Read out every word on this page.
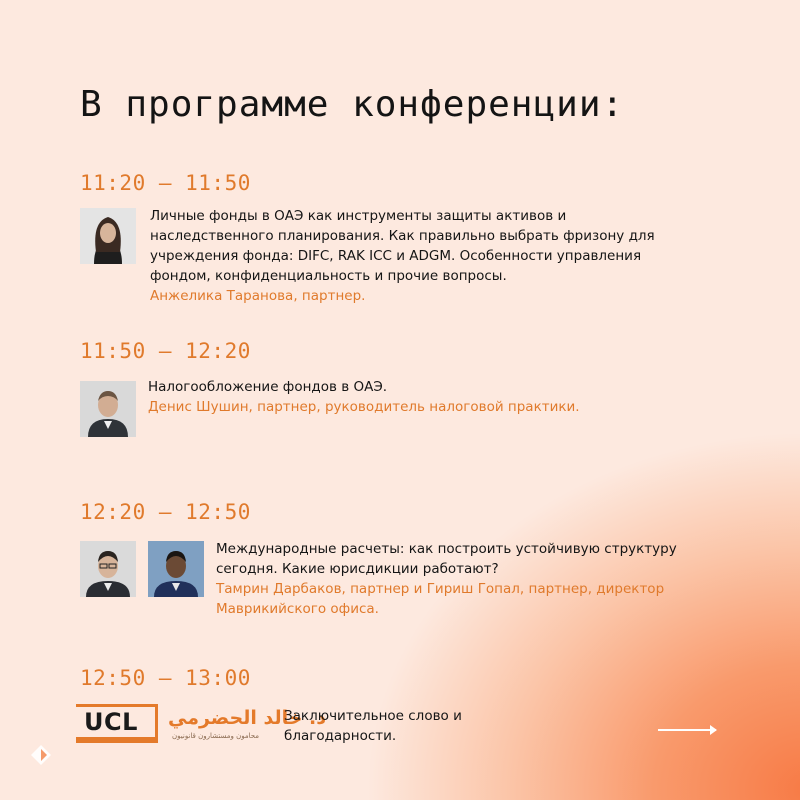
В программе конференции:
11:20 – 11:50
Личные фонды в ОАЭ как инструменты защиты активов и наследственного планирования. Как правильно выбрать фризону для учреждения фонда: DIFC, RAK ICC и ADGM. Особенности управления фондом, конфиденциальность и прочие вопросы.
Анжелика Таранова, партнер.
11:50 – 12:20
Налогообложение фондов в ОАЭ.
Денис Шушин, партнер, руководитель налоговой практики.
12:20 – 12:50
Международные расчеты: как построить устойчивую структуру сегодня. Какие юрисдикции работают?
Тамрин Дарбаков, партнер и Гириш Гопал, партнер, директор Маврикийского офиса.
12:50 – 13:00
UCL د. خالد الحضرمي
محامون ومستشارون قانونيون
Заключительное слово и благодарности.
